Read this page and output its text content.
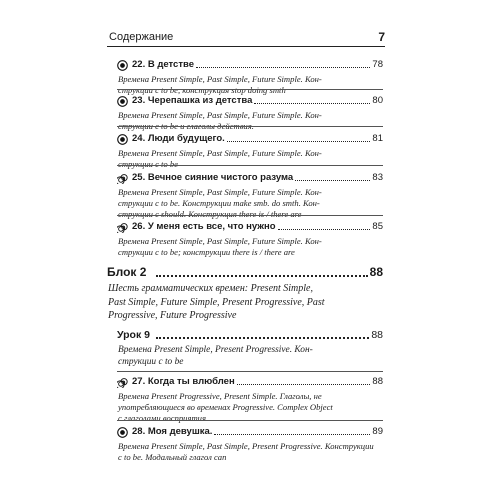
Содержание	7
22. В детстве	78
Времена Present Simple, Past Simple, Future Simple. Кон-
струкции с to be, конструкция stop doing smth
23. Черепашка из детства	80
Времена Present Simple, Past Simple, Future Simple. Кон-
струкции с to be и глаголы действия.
24. Люди будущего.	81
Времена Present Simple, Past Simple, Future Simple. Кон-
струкции с to be
25. Вечное сияние чистого разума	83
Времена Present Simple, Past Simple, Future Simple. Кон-
струкции с to be. Конструкции make smb. do smth. Кон-
струкции с should. Конструкция there is / there are
26. У меня есть все, что нужно	85
Времена Present Simple, Past Simple, Future Simple. Кон-
струкции с to be; конструкции there is / there are
Блок 2	88
Шесть грамматических времен: Present Simple,
Past Simple, Future Simple, Present Progressive, Past
Progressive, Future Progressive
Урок 9	88
Времена Present Simple, Present Progressive. Кон-
струкции с to be
27. Когда ты влюблен	88
Времена Present Progressive, Present Simple. Глаголы, не
употребляющиеся во временах Progressive. Complex Object
с глаголами восприятия
28. Моя девушка.	89
Времена Present Simple, Past Simple, Present Progressive. Конструкции
с to be. Модальный глагол can
